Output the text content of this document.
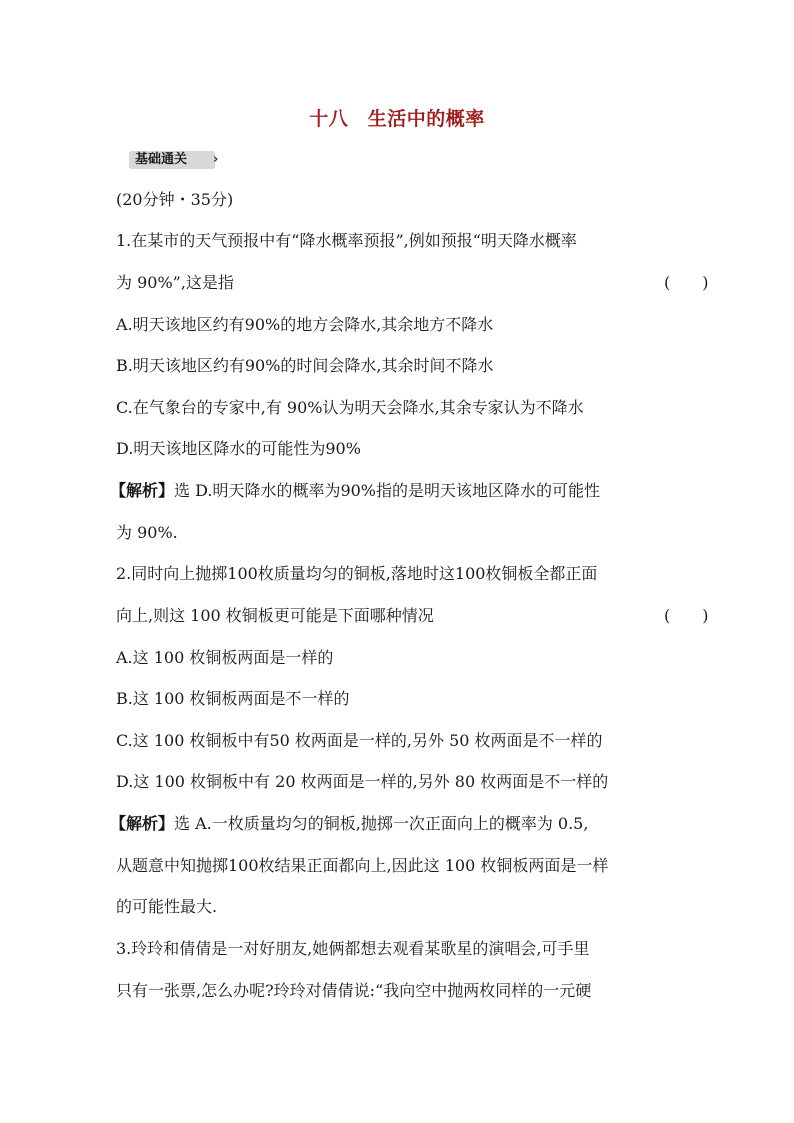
十八　生活中的概率
基础通关	›
(20分钟・35分)
1.在某市的天气预报中有“降水概率预报”,例如预报“明天降水概率
为 90%”,这是指	(　　)
A.明天该地区约有90%的地方会降水,其余地方不降水
B.明天该地区约有90%的时间会降水,其余时间不降水
C.在气象台的专家中,有 90%认为明天会降水,其余专家认为不降水
D.明天该地区降水的可能性为90%
【解析】选 D.明天降水的概率为90%指的是明天该地区降水的可能性
为 90%.
2.同时向上抛掷100枚质量均匀的铜板,落地时这100枚铜板全都正面
向上,则这 100 枚铜板更可能是下面哪种情况	(　　)
A.这 100 枚铜板两面是一样的
B.这 100 枚铜板两面是不一样的
C.这 100 枚铜板中有50 枚两面是一样的,另外 50 枚两面是不一样的
D.这 100 枚铜板中有 20 枚两面是一样的,另外 80 枚两面是不一样的
【解析】选 A.一枚质量均匀的铜板,抛掷一次正面向上的概率为 0.5,
从题意中知抛掷100枚结果正面都向上,因此这 100 枚铜板两面是一样
的可能性最大.
3.玲玲和倩倩是一对好朋友,她俩都想去观看某歌星的演唱会,可手里
只有一张票,怎么办呢?玲玲对倩倩说:“我向空中抛两枚同样的一元硬
